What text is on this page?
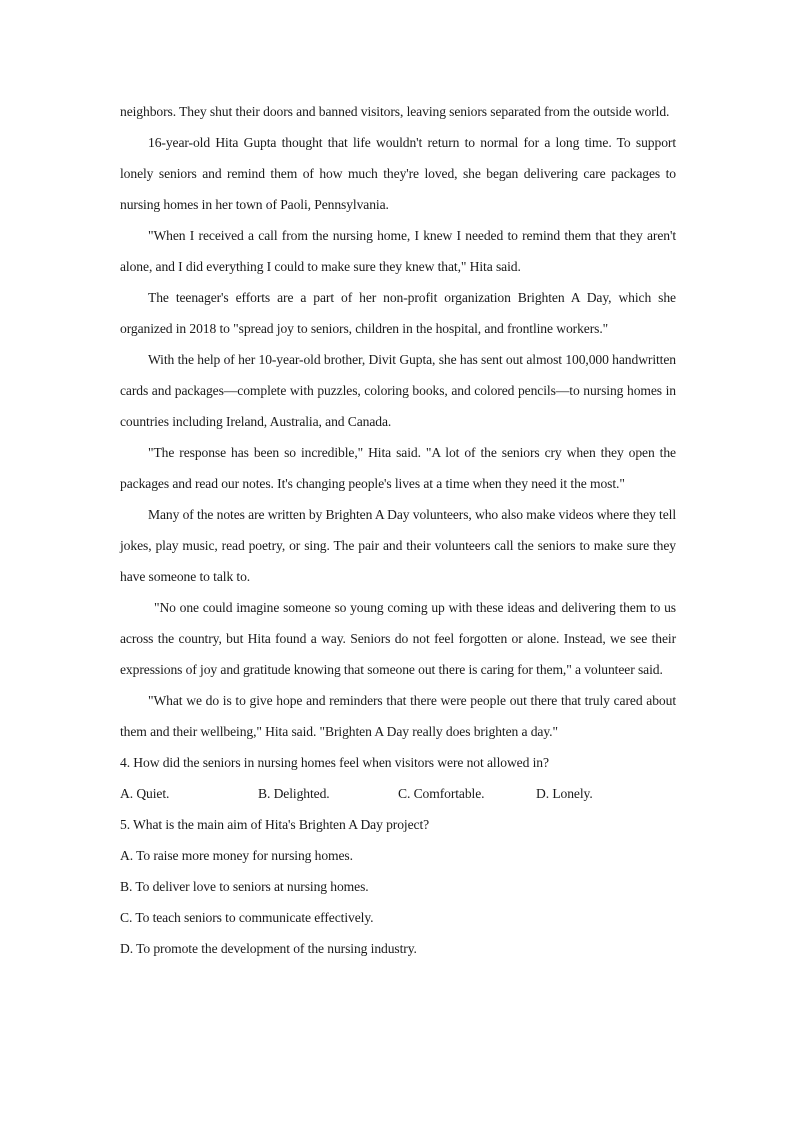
neighbors. They shut their doors and banned visitors, leaving seniors separated from the outside world.

16-year-old Hita Gupta thought that life wouldn't return to normal for a long time. To support lonely seniors and remind them of how much they're loved, she began delivering care packages to nursing homes in her town of Paoli, Pennsylvania.

"When I received a call from the nursing home, I knew I needed to remind them that they aren't alone, and I did everything I could to make sure they knew that," Hita said.

The teenager's efforts are a part of her non-profit organization Brighten A Day, which she organized in 2018 to "spread joy to seniors, children in the hospital, and frontline workers."

With the help of her 10-year-old brother, Divit Gupta, she has sent out almost 100,000 handwritten cards and packages—complete with puzzles, coloring books, and colored pencils—to nursing homes in countries including Ireland, Australia, and Canada.

"The response has been so incredible," Hita said. "A lot of the seniors cry when they open the packages and read our notes. It's changing people's lives at a time when they need it the most."

Many of the notes are written by Brighten A Day volunteers, who also make videos where they tell jokes, play music, read poetry, or sing. The pair and their volunteers call the seniors to make sure they have someone to talk to.

"No one could imagine someone so young coming up with these ideas and delivering them to us across the country, but Hita found a way. Seniors do not feel forgotten or alone. Instead, we see their expressions of joy and gratitude knowing that someone out there is caring for them," a volunteer said.

"What we do is to give hope and reminders that there were people out there that truly cared about them and their wellbeing," Hita said. "Brighten A Day really does brighten a day."

4. How did the seniors in nursing homes feel when visitors were not allowed in?

A. Quiet.	B. Delighted.	C. Comfortable.	D. Lonely.

5. What is the main aim of Hita's Brighten A Day project?

A. To raise more money for nursing homes.

B. To deliver love to seniors at nursing homes.

C. To teach seniors to communicate effectively.

D. To promote the development of the nursing industry.
